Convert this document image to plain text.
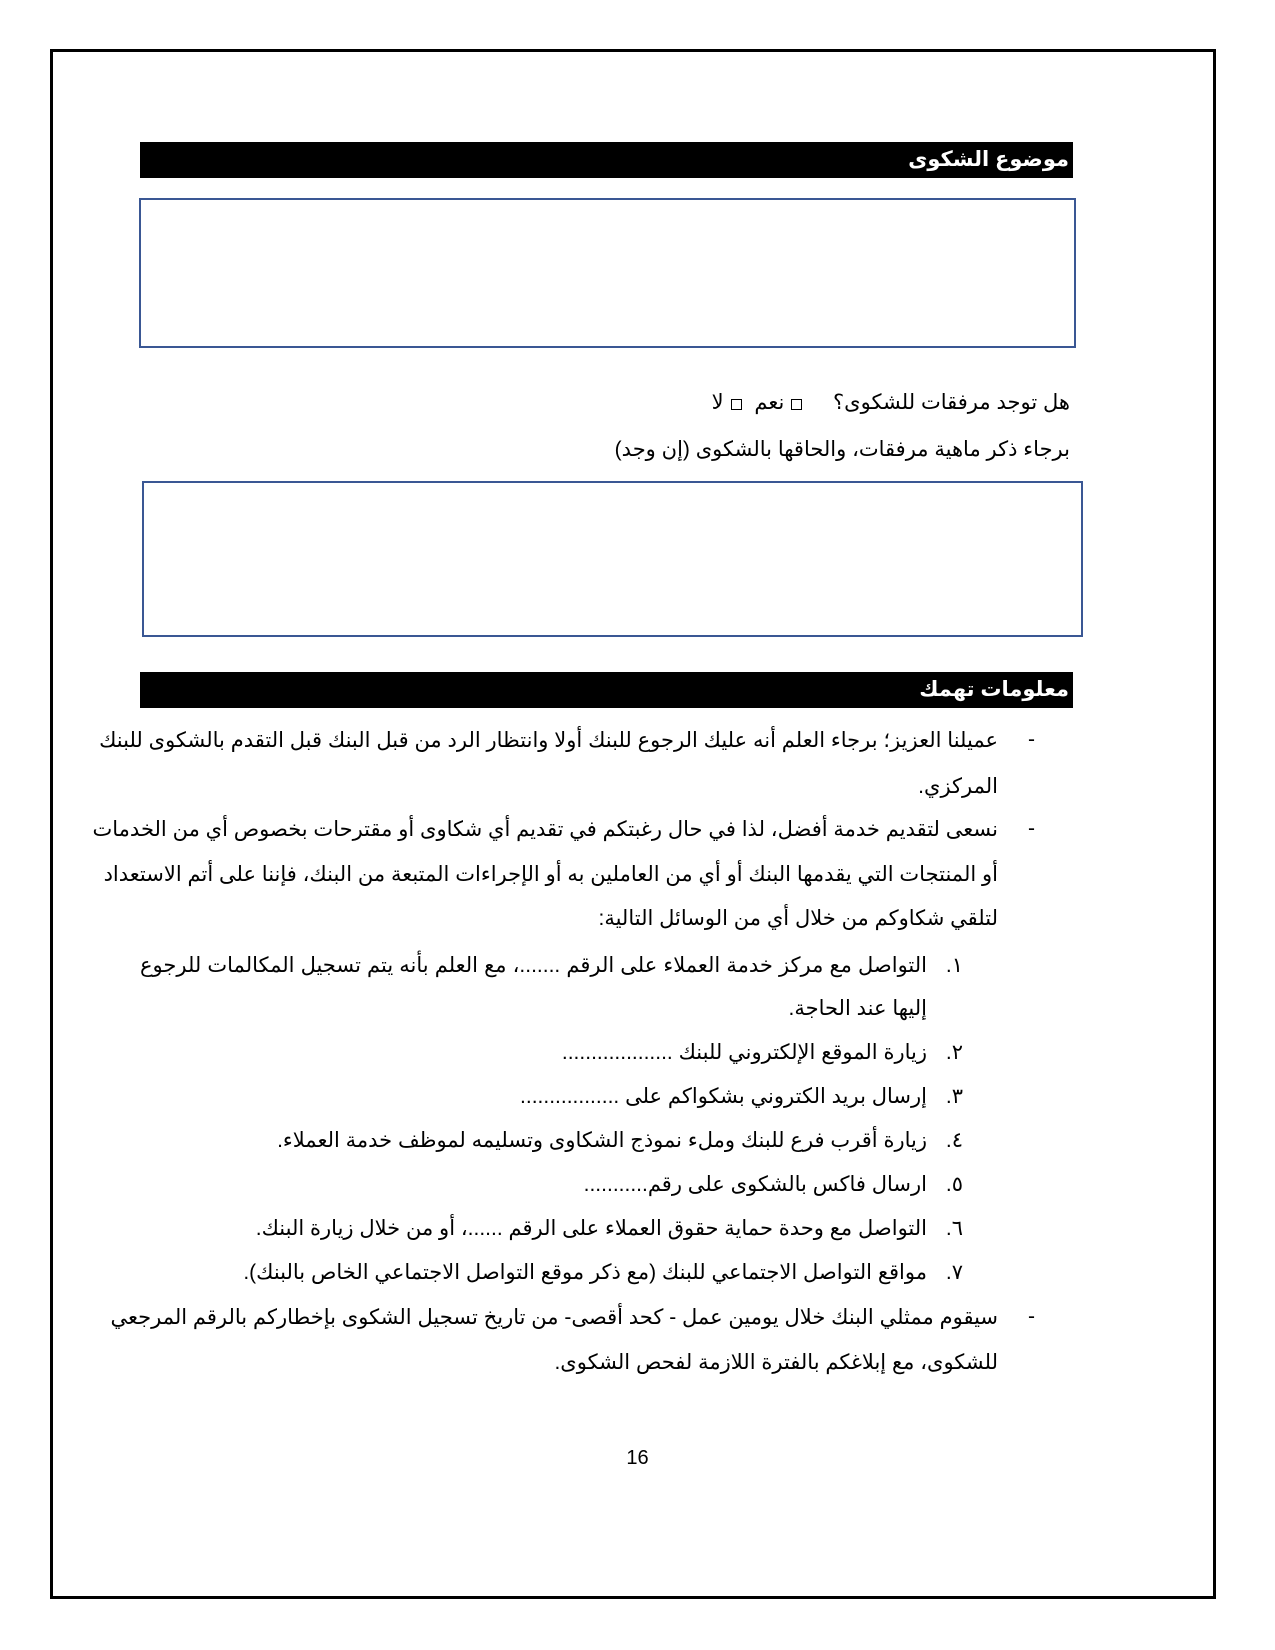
موضوع الشكوى
هل توجد مرفقات للشكوى؟  نعم لا
برجاء ذكر ماهية مرفقات، والحاقها بالشكوى (إن وجد)
معلومات تهمك
-
عميلنا العزيز؛ برجاء العلم أنه عليك الرجوع للبنك أولا وانتظار الرد من قبل البنك قبل التقدم بالشكوى للبنك
المركزي.
-
نسعى لتقديم خدمة أفضل، لذا في حال رغبتكم في تقديم أي شكاوى أو مقترحات بخصوص أي من الخدمات
أو المنتجات التي يقدمها البنك أو أي من العاملين به أو الإجراءات المتبعة من البنك، فإننا على أتم الاستعداد
لتلقي شكاوكم من خلال أي من الوسائل التالية:
١.
التواصل مع مركز خدمة العملاء على الرقم .......، مع العلم بأنه يتم تسجيل المكالمات للرجوع
إليها عند الحاجة.
٢.
زيارة الموقع الإلكتروني للبنك ...................
٣.
إرسال بريد الكتروني بشكواكم على .................
٤.
زيارة أقرب فرع للبنك وملء نموذج الشكاوى وتسليمه لموظف خدمة العملاء.
٥.
ارسال فاكس بالشكوى على رقم...........
٦.
التواصل مع وحدة حماية حقوق العملاء على الرقم ......، أو من خلال زيارة البنك.
٧.
مواقع التواصل الاجتماعي للبنك (مع ذكر موقع التواصل الاجتماعي الخاص بالبنك).
-
سيقوم ممثلي البنك خلال يومين عمل - كحد أقصى- من تاريخ تسجيل الشكوى بإخطاركم بالرقم المرجعي
للشكوى، مع إبلاغكم بالفترة اللازمة لفحص الشكوى.
16
